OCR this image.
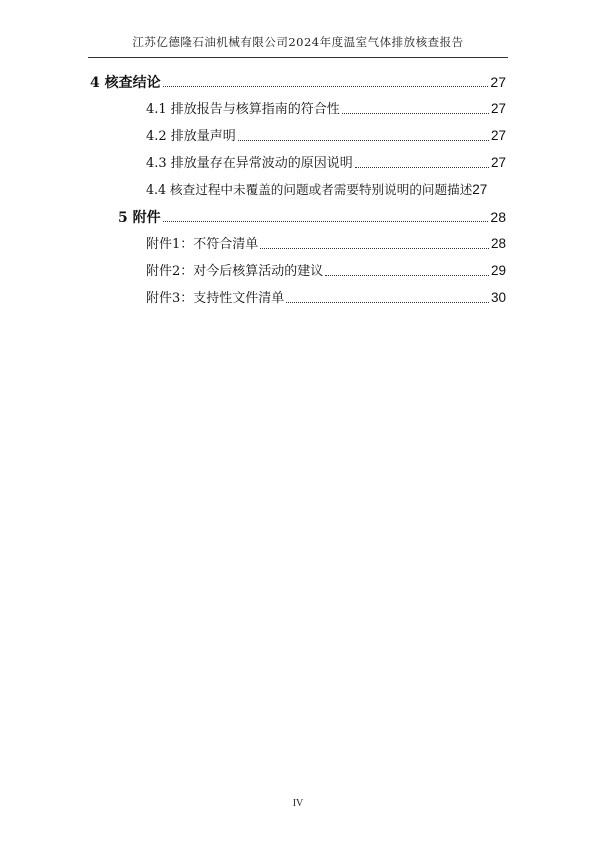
江苏亿德隆石油机械有限公司2024年度温室气体排放核查报告
4 核查结论	27
4.1 排放报告与核算指南的符合性	27
4.2 排放量声明	27
4.3 排放量存在异常波动的原因说明	27
4.4 核查过程中未覆盖的问题或者需要特别说明的问题描述 27
5 附件	28
附件1：不符合清单	28
附件2：对今后核算活动的建议	29
附件3：支持性文件清单	30
IV
